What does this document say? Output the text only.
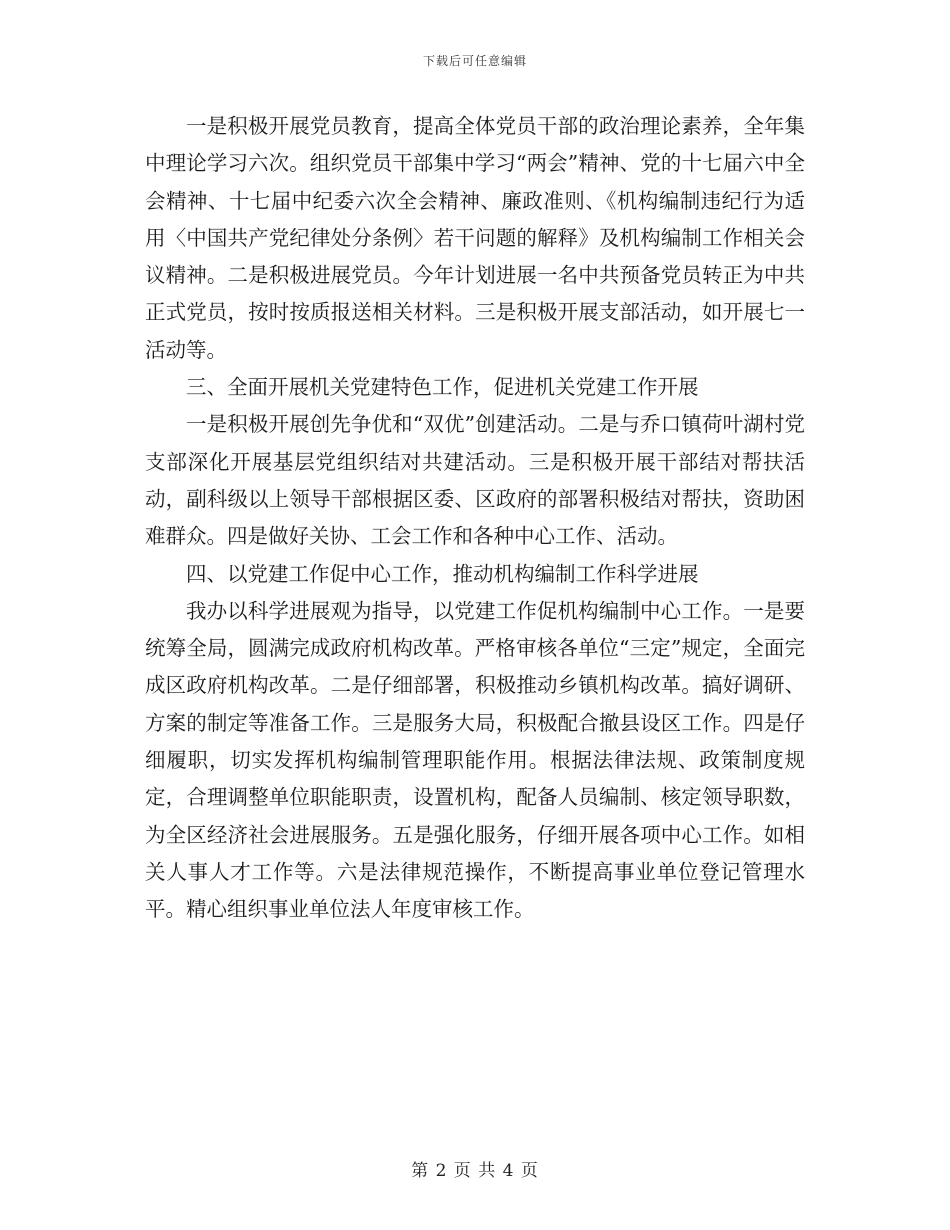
下载后可任意编辑

一是积极开展党员教育，提高全体党员干部的政治理论素养，全年集中理论学习六次。组织党员干部集中学习“两会”精神、党的十七届六中全会精神、十七届中纪委六次全会精神、廉政准则、《机构编制违纪行为适用〈中国共产党纪律处分条例〉若干问题的解释》及机构编制工作相关会议精神。二是积极进展党员。今年计划进展一名中共预备党员转正为中共正式党员，按时按质报送相关材料。三是积极开展支部活动，如开展七一活动等。

三、全面开展机关党建特色工作，促进机关党建工作开展

一是积极开展创先争优和“双优”创建活动。二是与乔口镇荷叶湖村党支部深化开展基层党组织结对共建活动。三是积极开展干部结对帮扶活动，副科级以上领导干部根据区委、区政府的部署积极结对帮扶，资助困难群众。四是做好关协、工会工作和各种中心工作、活动。

四、以党建工作促中心工作，推动机构编制工作科学进展

我办以科学进展观为指导，以党建工作促机构编制中心工作。一是要统筹全局，圆满完成政府机构改革。严格审核各单位“三定”规定，全面完成区政府机构改革。二是仔细部署，积极推动乡镇机构改革。搞好调研、方案的制定等准备工作。三是服务大局，积极配合撤县设区工作。四是仔细履职，切实发挥机构编制管理职能作用。根据法律法规、政策制度规定，合理调整单位职能职责，设置机构，配备人员编制、核定领导职数，为全区经济社会进展服务。五是强化服务，仔细开展各项中心工作。如相关人事人才工作等。六是法律规范操作，不断提高事业单位登记管理水平。精心组织事业单位法人年度审核工作。

第 2 页 共 4 页
